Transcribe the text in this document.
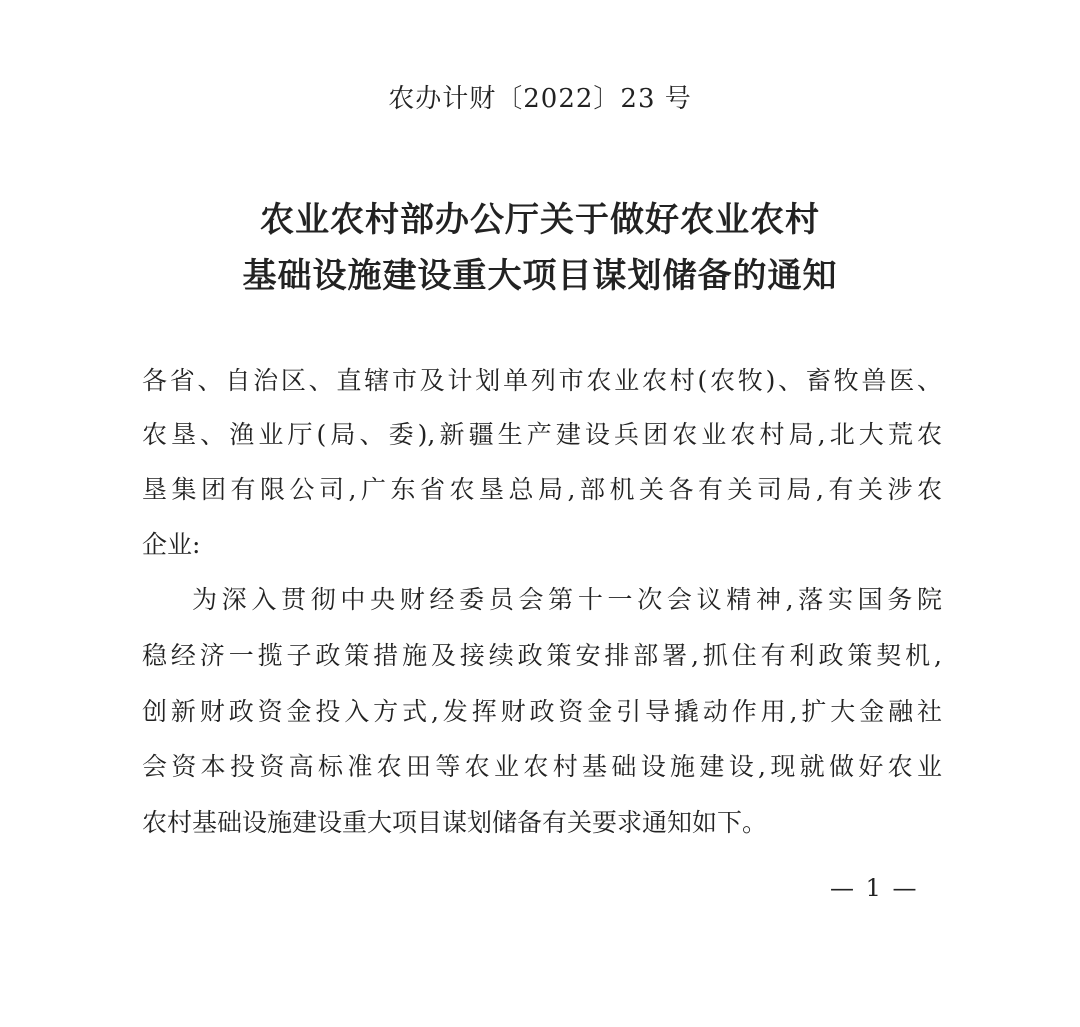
农办计财〔2022〕23 号
农业农村部办公厅关于做好农业农村
基础设施建设重大项目谋划储备的通知
各省、自治区、直辖市及计划单列市农业农村(农牧)、畜牧兽医、
农垦、渔业厅(局、委),新疆生产建设兵团农业农村局,北大荒农
垦集团有限公司,广东省农垦总局,部机关各有关司局,有关涉农
企业:
为深入贯彻中央财经委员会第十一次会议精神,落实国务院
稳经济一揽子政策措施及接续政策安排部署,抓住有利政策契机,
创新财政资金投入方式,发挥财政资金引导撬动作用,扩大金融社
会资本投资高标准农田等农业农村基础设施建设,现就做好农业
农村基础设施建设重大项目谋划储备有关要求通知如下。
— 1 —
